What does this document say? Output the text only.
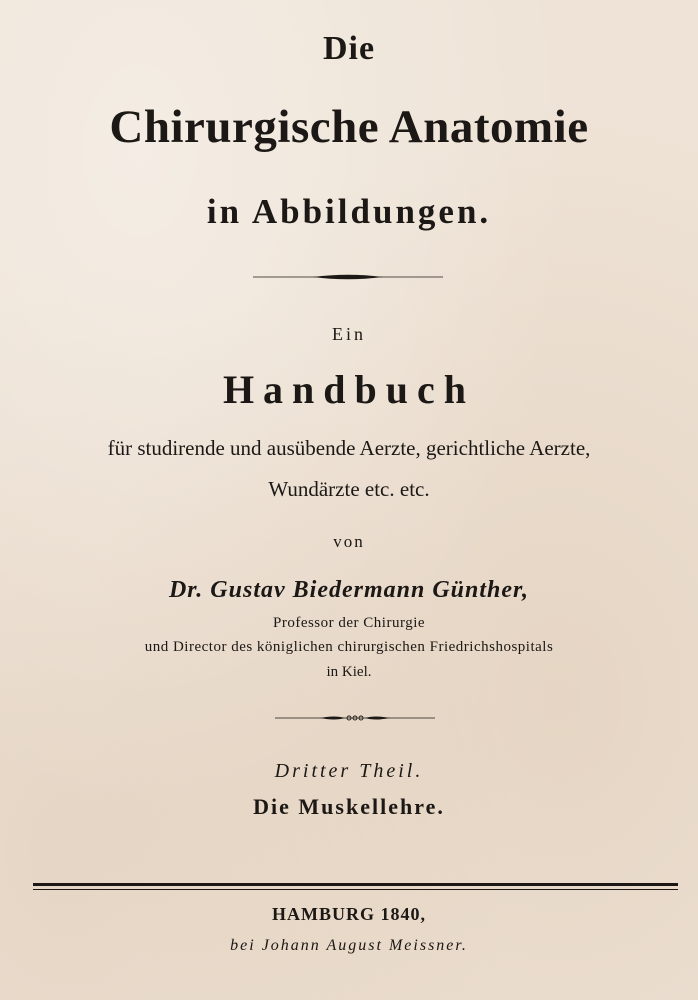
Die
Chirurgische Anatomie
in Abbildungen.
Ein
Handbuch
für studirende und ausübende Aerzte, gerichtliche Aerzte,
Wundärzte etc. etc.
von
Dr. Gustav Biedermann Günther,
Professor der Chirurgie
und Director des königlichen chirurgischen Friedrichshospitals
in Kiel.
Dritter Theil.
Die Muskellehre.
HAMBURG 1840,
bei Johann August Meissner.
